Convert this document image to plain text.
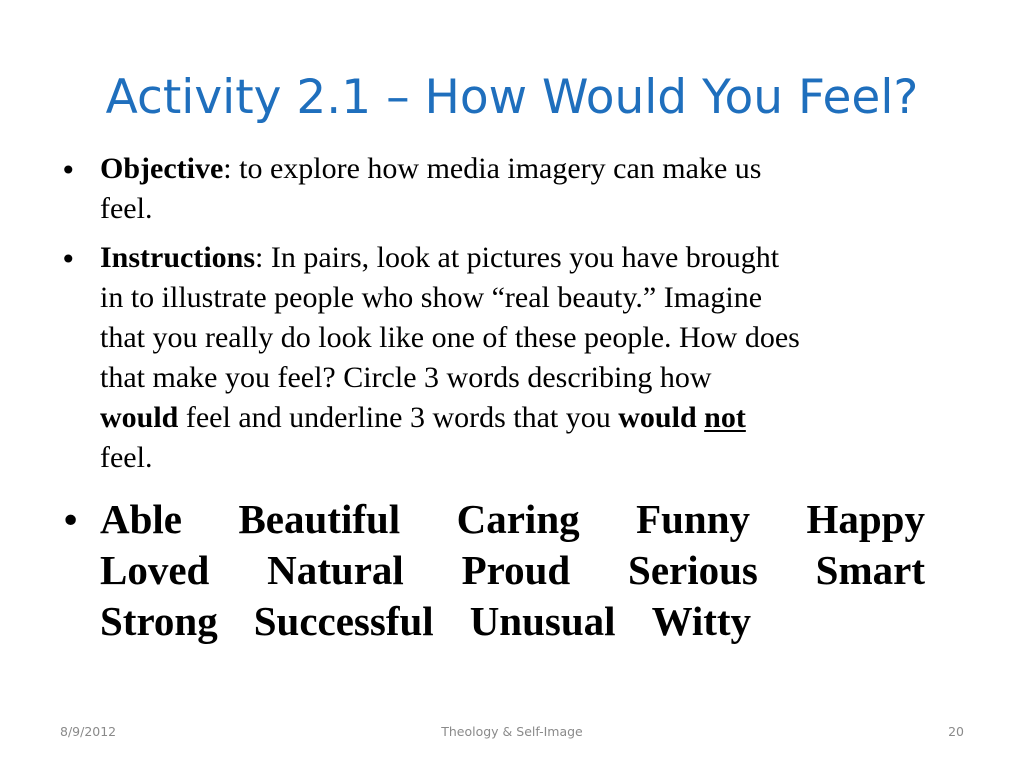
Activity 2.1 – How Would You Feel?
• Objective: to explore how media imagery can make us
feel.
• Instructions: In pairs, look at pictures you have brought
in to illustrate people who show “real beauty.” Imagine
that you really do look like one of these people. How does
that make you feel? Circle 3 words describing how
would feel and underline 3 words that you would not
feel.
• Able Beautiful Caring Funny Happy
Loved Natural Proud Serious Smart
Strong Successful Unusual Witty
8/9/2012	Theology & Self-Image	20
